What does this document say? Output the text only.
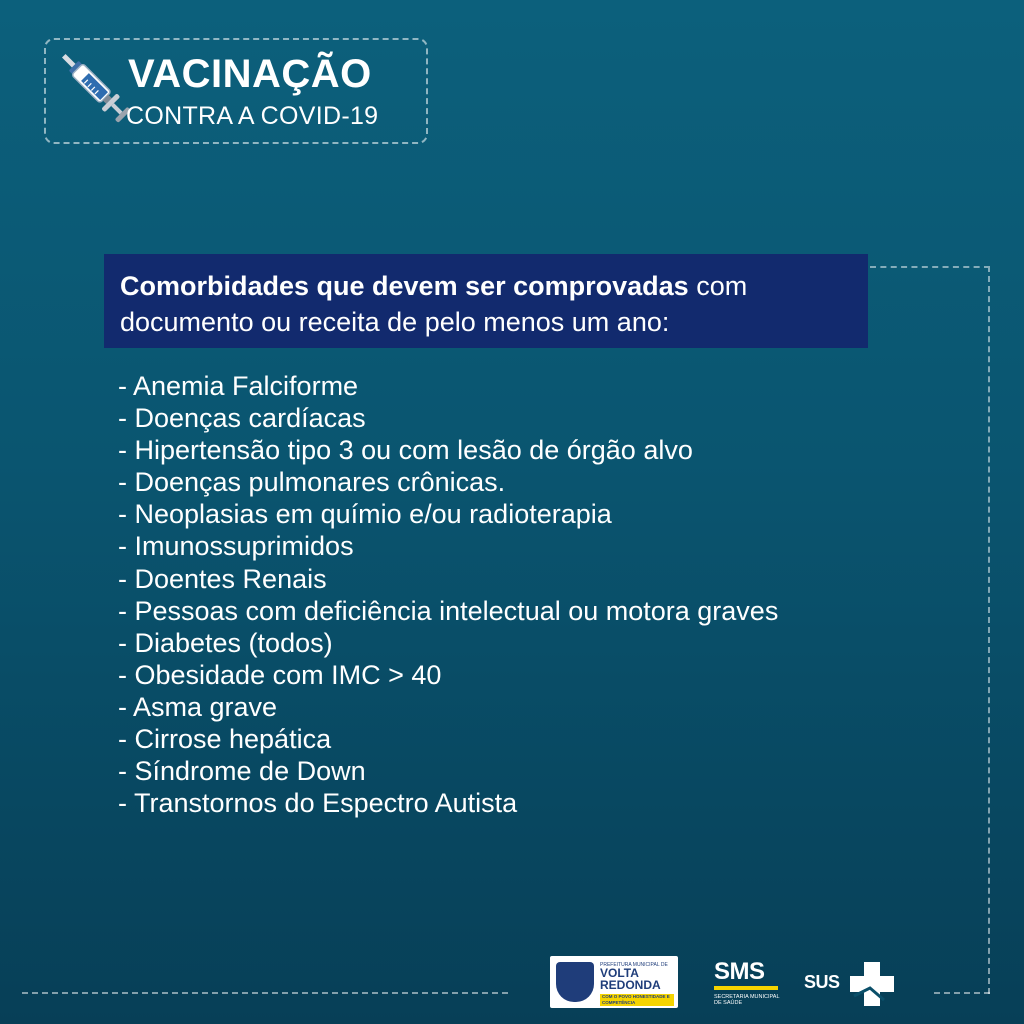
VACINAÇÃO
CONTRA A COVID-19
Comorbidades que devem ser comprovadas com
documento ou receita de pelo menos um ano:
- Anemia Falciforme
- Doenças cardíacas
- Hipertensão tipo 3 ou com lesão de órgão alvo
- Doenças pulmonares crônicas.
- Neoplasias em químio e/ou radioterapia
- Imunossuprimidos
- Doentes Renais
- Pessoas com deficiência intelectual ou motora graves
- Diabetes (todos)
- Obesidade com IMC > 40
- Asma grave
- Cirrose hepática
- Síndrome de Down
- Transtornos do Espectro Autista
PREFEITURA MUNICIPAL DE
VOLTA
REDONDA
COM O POVO HONESTIDADE E COMPETÊNCIA
SMS
SECRETARIA MUNICIPAL DE SAÚDE
SUS
